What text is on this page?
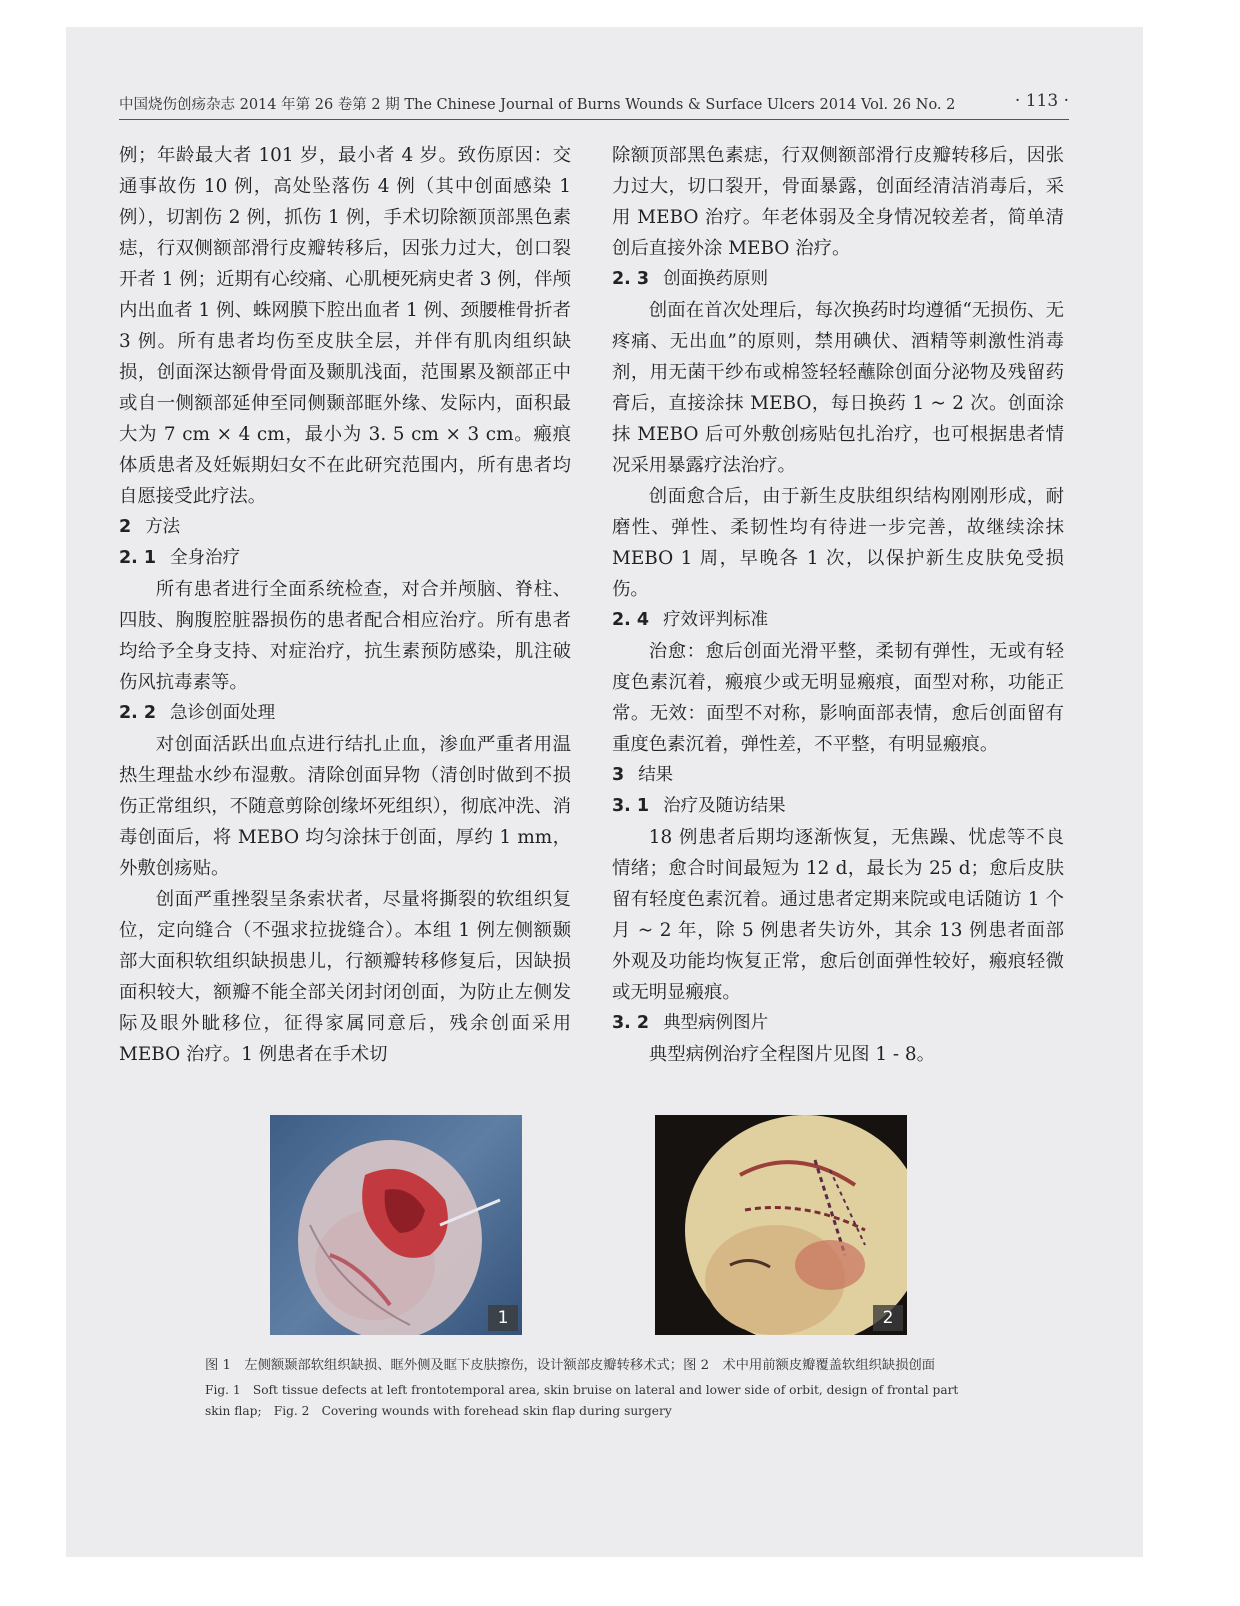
中国烧伤创疡杂志 2014 年第 26 卷第 2 期 The Chinese Journal of Burns Wounds & Surface Ulcers 2014 Vol. 26 No. 2	· 113 ·

例；年龄最大者 101 岁，最小者 4 岁。致伤原因：交通事故伤 10 例，高处坠落伤 4 例（其中创面感染 1 例），切割伤 2 例，抓伤 1 例，手术切除额顶部黑色素痣，行双侧额部滑行皮瓣转移后，因张力过大，创口裂开者 1 例；近期有心绞痛、心肌梗死病史者 3 例，伴颅内出血者 1 例、蛛网膜下腔出血者 1 例、颈腰椎骨折者 3 例。所有患者均伤至皮肤全层，并伴有肌肉组织缺损，创面深达额骨骨面及颞肌浅面，范围累及额部正中或自一侧额部延伸至同侧颞部眶外缘、发际内，面积最大为 7 cm × 4 cm，最小为 3. 5 cm × 3 cm。瘢痕体质患者及妊娠期妇女不在此研究范围内，所有患者均自愿接受此疗法。

2 方法
2. 1 全身治疗

所有患者进行全面系统检查，对合并颅脑、脊柱、四肢、胸腹腔脏器损伤的患者配合相应治疗。所有患者均给予全身支持、对症治疗，抗生素预防感染，肌注破伤风抗毒素等。

2. 2 急诊创面处理

对创面活跃出血点进行结扎止血，渗血严重者用温热生理盐水纱布湿敷。清除创面异物（清创时做到不损伤正常组织，不随意剪除创缘坏死组织），彻底冲洗、消毒创面后，将 MEBO 均匀涂抹于创面，厚约 1 mm，外敷创疡贴。

创面严重挫裂呈条索状者，尽量将撕裂的软组织复位，定向缝合（不强求拉拢缝合）。本组 1 例左侧额颞部大面积软组织缺损患儿，行额瓣转移修复后，因缺损面积较大，额瓣不能全部关闭封闭创面，为防止左侧发际及眼外眦移位，征得家属同意后，残余创面采用 MEBO 治疗。1 例患者在手术切

除额顶部黑色素痣，行双侧额部滑行皮瓣转移后，因张力过大，切口裂开，骨面暴露，创面经清洁消毒后，采用 MEBO 治疗。年老体弱及全身情况较差者，简单清创后直接外涂 MEBO 治疗。

2. 3 创面换药原则

创面在首次处理后，每次换药时均遵循“无损伤、无疼痛、无出血”的原则，禁用碘伏、酒精等刺激性消毒剂，用无菌干纱布或棉签轻轻蘸除创面分泌物及残留药膏后，直接涂抹 MEBO，每日换药 1 ~ 2 次。创面涂抹 MEBO 后可外敷创疡贴包扎治疗，也可根据患者情况采用暴露疗法治疗。

创面愈合后，由于新生皮肤组织结构刚刚形成，耐磨性、弹性、柔韧性均有待进一步完善，故继续涂抹 MEBO 1 周，早晚各 1 次，以保护新生皮肤免受损伤。

2. 4 疗效评判标准

治愈：愈后创面光滑平整，柔韧有弹性，无或有轻度色素沉着，瘢痕少或无明显瘢痕，面型对称，功能正常。无效：面型不对称，影响面部表情，愈后创面留有重度色素沉着，弹性差，不平整，有明显瘢痕。

3 结果
3. 1 治疗及随访结果

18 例患者后期均逐渐恢复，无焦躁、忧虑等不良情绪；愈合时间最短为 12 d，最长为 25 d；愈后皮肤留有轻度色素沉着。通过患者定期来院或电话随访 1 个月 ~ 2 年，除 5 例患者失访外，其余 13 例患者面部外观及功能均恢复正常，愈后创面弹性较好，瘢痕轻微或无明显瘢痕。

3. 2 典型病例图片

典型病例治疗全程图片见图 1 - 8。

1	2

图 1　左侧额颞部软组织缺损、眶外侧及眶下皮肤擦伤，设计额部皮瓣转移术式；图 2　术中用前额皮瓣覆盖软组织缺损创面

Fig. 1　Soft tissue defects at left frontotemporal area, skin bruise on lateral and lower side of orbit, design of frontal part skin flap;　Fig. 2　Covering wounds with forehead skin flap during surgery
